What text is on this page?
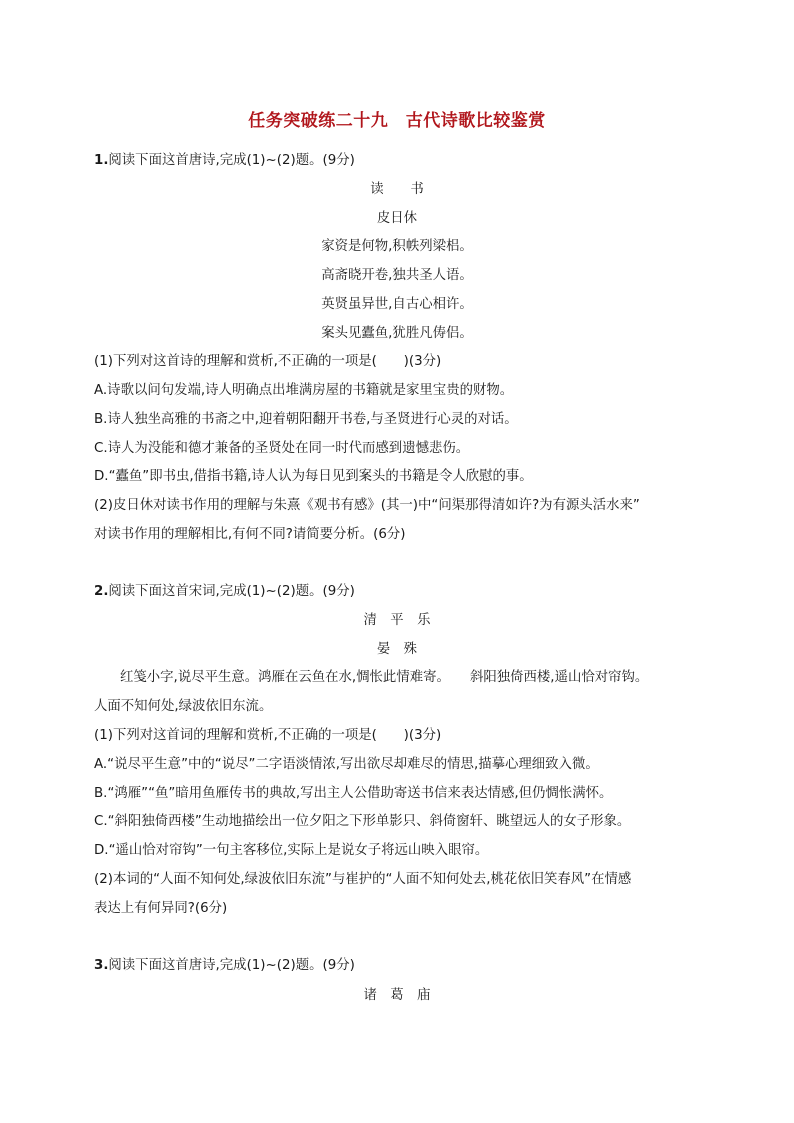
任务突破练二十九　古代诗歌比较鉴赏
1.阅读下面这首唐诗,完成(1)~(2)题。(9分)
读　　书
皮日休
家资是何物,积帙列梁梠。
高斋晓开卷,独共圣人语。
英贤虽异世,自古心相许。
案头见蠹鱼,犹胜凡俦侣。
(1)下列对这首诗的理解和赏析,不正确的一项是(　　)(3分)
A.诗歌以问句发端,诗人明确点出堆满房屋的书籍就是家里宝贵的财物。
B.诗人独坐高雅的书斋之中,迎着朝阳翻开书卷,与圣贤进行心灵的对话。
C.诗人为没能和德才兼备的圣贤处在同一时代而感到遗憾悲伤。
D.“蠹鱼”即书虫,借指书籍,诗人认为每日见到案头的书籍是令人欣慰的事。
(2)皮日休对读书作用的理解与朱熹《观书有感》(其一)中“问渠那得清如许?为有源头活水来”
对读书作用的理解相比,有何不同?请简要分析。(6分)
2.阅读下面这首宋词,完成(1)~(2)题。(9分)
清　平　乐
晏　殊
红笺小字,说尽平生意。鸿雁在云鱼在水,惆怅此情难寄。　　斜阳独倚西楼,遥山恰对帘钩。
人面不知何处,绿波依旧东流。
(1)下列对这首词的理解和赏析,不正确的一项是(　　)(3分)
A.“说尽平生意”中的“说尽”二字语淡情浓,写出欲尽却难尽的情思,描摹心理细致入微。
B.“鸿雁”“鱼”暗用鱼雁传书的典故,写出主人公借助寄送书信来表达情感,但仍惆怅满怀。
C.“斜阳独倚西楼”生动地描绘出一位夕阳之下形单影只、斜倚窗轩、眺望远人的女子形象。
D.“遥山恰对帘钩”一句主客移位,实际上是说女子将远山映入眼帘。
(2)本词的“人面不知何处,绿波依旧东流”与崔护的“人面不知何处去,桃花依旧笑春风”在情感
表达上有何异同?(6分)
3.阅读下面这首唐诗,完成(1)~(2)题。(9分)
诸　葛　庙
